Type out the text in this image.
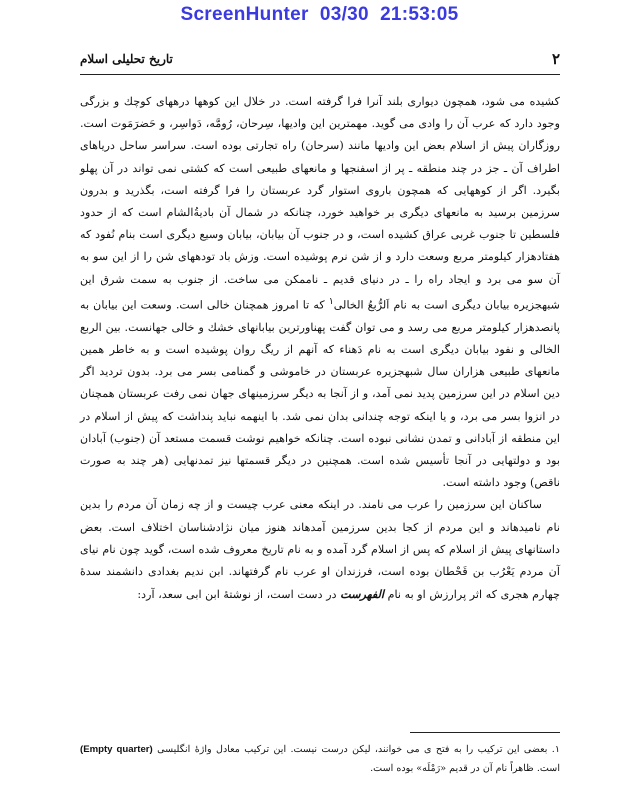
ScreenHunter 03/30 21:53:05
۲
تاريخ تحليلى اسلام

كشيده مى شود، همچون ديوارى بلند آنرا فرا گرفته است. در خلال اين كوهها درههاى كوچك و بزرگى وجود دارد كه عرب آن را وادى مى گويد. مهمترين اين واديها، سِرحان، رُومَّه، دَواسِر، و حَضرَمَوت است. روزگاران پيش از اسلام بعض اين واديها مانند (سرحان) راه تجارتى بوده است. سراسر ساحل درياهاى اطراف آن ـ جز در چند منطقه ـ پر از اسفنجها و مانعهاى طبيعى است كه كشتى نمى تواند در آن پهلو بگيرد. اگر از كوههايى كه همچون باروى استوار گرد عربستان را فرا گرفته است، بگذريد و بدرون سرزمين برسيد به مانعهاى ديگرى بر خواهيد خورد، چنانكه در شمال آن باديةُالشام است كه از حدود فلسطين تا جنوب غربى عراق كشيده است، و در جنوب آن بيابان، بيابان وسيع ديگرى است بنام نُفود كه هفتادهزار كيلومتر مربع وسعت دارد و از شن نرم پوشيده است. وزش باد تودههاى شن را از اين سو به آن سو مى برد و ايجاد راه را ـ در دنياى قديم ـ ناممكن مى ساخت. از جنوب به سمت شرق اين شبهجزيره بيابان ديگرى است به نام اَلرُّبعُ الخالى$^۱$ كه تا امروز همچنان خالى است. وسعت اين بيابان به پانصدهزار كيلومتر مربع مى رسد و مى توان گفت پهناورترين بيابانهاى خشك و خالى جهانست. بين الربع الخالى و نفود بيابان ديگرى است به نام دَهناء كه آنهم از ريگ روان پوشيده است و به خاطر همين مانعهاى طبيعى هزاران سال شبهجزيره عربستان در خاموشى و گمنامى بسر مى برد. بدون ترديد اگر دين اسلام در اين سرزمين پديد نمى آمد، و از آنجا به ديگر سرزمينهاى جهان نمى رفت عربستان همچنان در انزوا بسر مى برد، و يا اينكه توجه چندانى بدان نمى شد. با اينهمه نبايد پنداشت كه پيش از اسلام در اين منطقه از آبادانى و تمدن نشانى نبوده است. چنانكه خواهيم نوشت قسمت مستعد آن (جنوب) آبادان بود و دولتهايى در آنجا تأسيس شده است. همچنين در ديگر قسمتها نيز تمدنهايى (هر چند به صورت ناقص) وجود داشته است.

ساكنان اين سرزمين را عرب مى نامند. در اينكه معنى عرب چيست و از چه زمان آن مردم را بدين نام ناميدهاند و اين مردم از كجا بدين سرزمين آمدهاند هنوز ميان نژادشناسان اختلاف است. بعض داستانهاى پيش از اسلام كه پس از اسلام گرد آمده و به نام تاريخ معروف شده است، گويد چون نام نياى آن مردم يَعْرُب بن قَحْطان بوده است، فرزندان او عرب نام گرفتهاند. ابن نديم بغدادى دانشمند سدهٔ چهارم هجرى كه اثر پرارزش او به نام الفهرست در دست است، از نوشتهٔ ابن ابى سعد، آرد:

۱. بعضى اين تركيب را به فتح ى مى خوانند، ليكن درست نيست. اين تركيب معادل واژهٔ انگليسى (Empty quarter) است. ظاهراً نام آن در قديم «رَمْلَه» بوده است.
